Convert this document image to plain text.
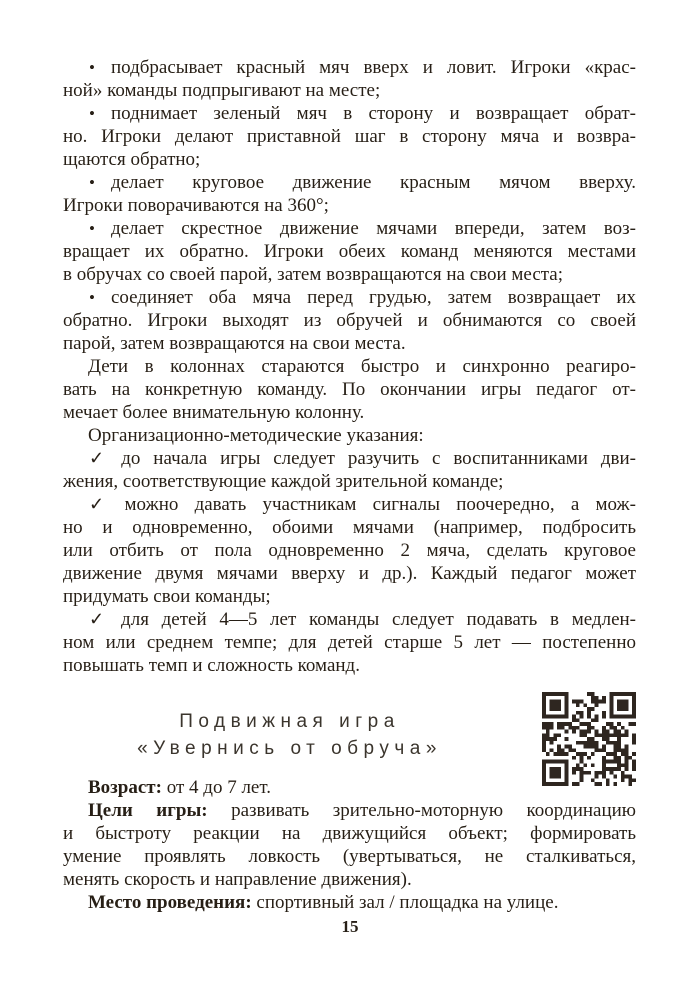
• подбрасывает красный мяч вверх и ловит. Игроки «крас-
ной» команды подпрыгивают на месте;
• поднимает зеленый мяч в сторону и возвращает обрат-
но. Игроки делают приставной шаг в сторону мяча и возвра-
щаются обратно;
• делает круговое движение красным мячом вверху.
Игроки поворачиваются на 360°;
• делает скрестное движение мячами впереди, затем воз-
вращает их обратно. Игроки обеих команд меняются местами
в обручах со своей парой, затем возвращаются на свои места;
• соединяет оба мяча перед грудью, затем возвращает их
обратно. Игроки выходят из обручей и обнимаются со своей
парой, затем возвращаются на свои места.
Дети в колоннах стараются быстро и синхронно реагиро-
вать на конкретную команду. По окончании игры педагог от-
мечает более внимательную колонну.
Организационно-методические указания:
✓ до начала игры следует разучить с воспитанниками дви-
жения, соответствующие каждой зрительной команде;
✓ можно давать участникам сигналы поочередно, а мож-
но и одновременно, обоими мячами (например, подбросить
или отбить от пола одновременно 2 мяча, сделать круговое
движение двумя мячами вверху и др.). Каждый педагог может
придумать свои команды;
✓ для детей 4—5 лет команды следует подавать в медлен-
ном или среднем темпе; для детей старше 5 лет — постепенно
повышать темп и сложность команд.
Подвижная игра
«Увернись от обруча»
Возраст: от 4 до 7 лет.
Цели игры: развивать зрительно-моторную координацию
и быстроту реакции на движущийся объект; формировать
умение проявлять ловкость (увертываться, не сталкиваться,
менять скорость и направление движения).
Место проведения: спортивный зал / площадка на улице.
15
